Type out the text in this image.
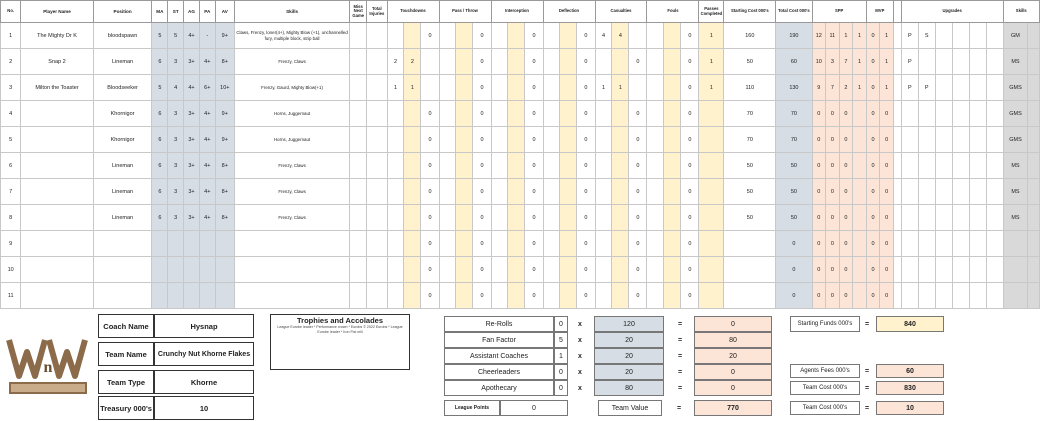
No.	Player Name	Position	MA	ST	AG	PA	AV	Skills	Miss Next Game	Total Injuries	Touchdowns			Pass / Throw			Interception			Deflection			Casualties			Fouls			Passes Completed	Starting Cost 000's	Total Cost 000's	SPP				MVP			Upgrades						Skills	
1	The Mighty Dr K	bloodspawn	5	5	4+	-	9+	Claws, Frenzy, loner(4+), Mighty Blow (+1), unchannelled fury, multiple block, strip ball					0			0			0			0	4	4				0	1	160	190	12	11	1	1	0	1		P	S					GM	
2	Snap 2	Lineman	6	3	3+	4+	8+	Frenzy, Claws			2	2				0			0			0			0			0	1	50	60	10	3	7	1	0	1		P						MS	
3	Milton the Toaster	Bloodseeker	5	4	4+	6+	10+	Frenzy, Gaurd, Mighty Blow(+1)			1	1				0			0			0	1	1				0	1	110	130	9	7	2	1	0	1		P	P					GMS	
4		Khornigor	6	3	3+	4+	9+	Horns, Juggernaut					0			0			0			0			0			0		70	70	0	0	0		0	0								GMS	
5		Khornigor	6	3	3+	4+	9+	Horns, Juggernaut					0			0			0			0			0			0		70	70	0	0	0		0	0								GMS	
6		Lineman	6	3	3+	4+	8+	Frenzy, Claws					0			0			0			0			0			0		50	50	0	0	0		0	0								MS	
7		Lineman	6	3	3+	4+	8+	Frenzy, Claws					0			0			0			0			0			0		50	50	0	0	0		0	0								MS	
8		Lineman	6	3	3+	4+	8+	Frenzy, Claws					0			0			0			0			0			0		50	50	0	0	0		0	0								MS	
9													0			0			0			0			0			0			0	0	0	0		0	0									
10													0			0			0			0			0			0			0	0	0	0		0	0									
11													0			0			0			0			0			0			0	0	0	0		0	0									
n
Coach Name	Hysnap
Team Name	Crunchy Nut Khorne Flakes
Team Type	Khorne
Treasury 000's	10
Trophies and Accolades
League Eurobe leader * Performance crown * Eurobs © 2022 Eurobs * League Eurobe leader * Iron Fist mill
Re-Rolls	0	x	120	=	0
Fan Factor	5	x	20	=	80
Assistant Coaches	1	x	20	=	20
Cheerleaders	0	x	20	=	0
Apothecary	0	x	80	=	0
League Points	0	Team Value	=	770
Starting Funds 000's	=	840
Agents Fees 000's	=	60
Team Cost 000's	=	830
Team Cost 000's	=	10
